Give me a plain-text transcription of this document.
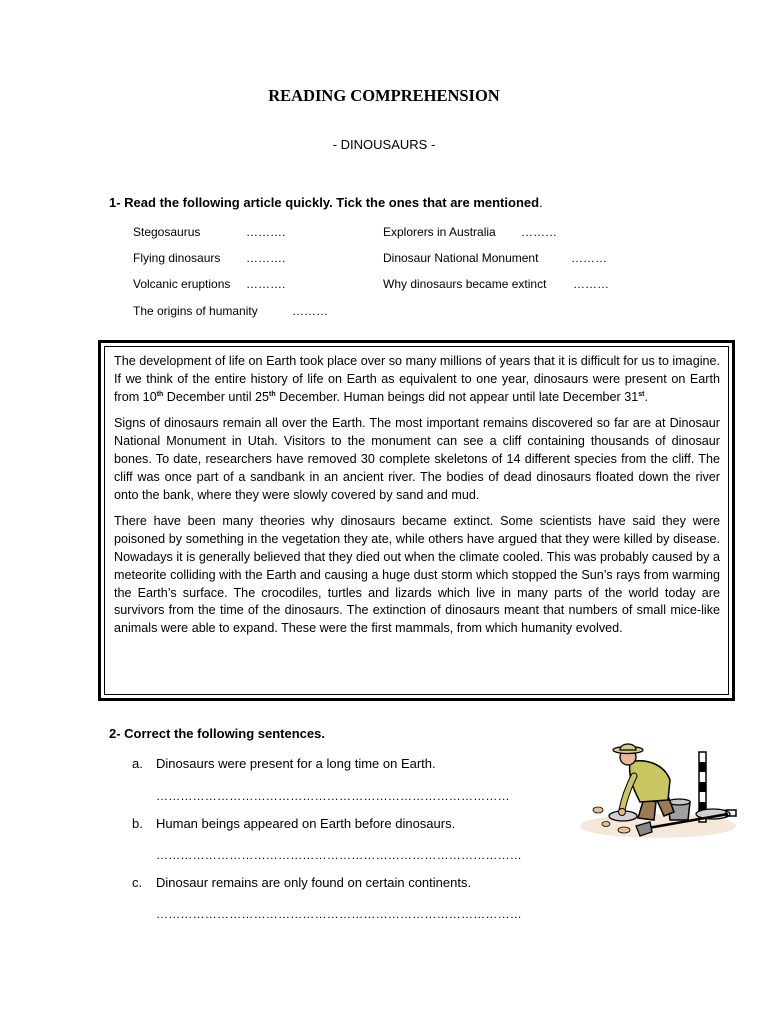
READING COMPREHENSION
- DINOUSAURS -
1- Read the following article quickly. Tick the ones that are mentioned.
Stegosaurus	……….	Explorers in Australia ………
Flying dinosaurs ……….	Dinosaur National Monument	………
Volcanic eruptions ……….	Why dinosaurs became extinct ………
The origins of humanity	………

The development of life on Earth took place over so many millions of years that it is difficult for us to imagine. If we think of the entire history of life on Earth as equivalent to one year, dinosaurs were present on Earth from 10th December until 25th December. Human beings did not appear until late December 31st.

Signs of dinosaurs remain all over the Earth. The most important remains discovered so far are at Dinosaur National Monument in Utah. Visitors to the monument can see a cliff containing thousands of dinosaur bones. To date, researchers have removed 30 complete skeletons of 14 different species from the cliff. The cliff was once part of a sandbank in an ancient river. The bodies of dead dinosaurs floated down the river onto the bank, where they were slowly covered by sand and mud.

There have been many theories why dinosaurs became extinct. Some scientists have said they were poisoned by something in the vegetation they ate, while others have argued that they were killed by disease. Nowadays it is generally believed that they died out when the climate cooled. This was probably caused by a meteorite colliding with the Earth and causing a huge dust storm which stopped the Sun’s rays from warming the Earth’s surface. The crocodiles, turtles and lizards which live in many parts of the world today are survivors from the time of the dinosaurs. The extinction of dinosaurs meant that numbers of small mice-like animals were able to expand. These were the first mammals, from which humanity evolved.

2- Correct the following sentences.
a. Dinosaurs were present for a long time on Earth.
……………………………………………………………………………
b. Human beings appeared on Earth before dinosaurs.
………………………………………………………………………………
c. Dinosaur remains are only found on certain continents.
………………………………………………………………………………
